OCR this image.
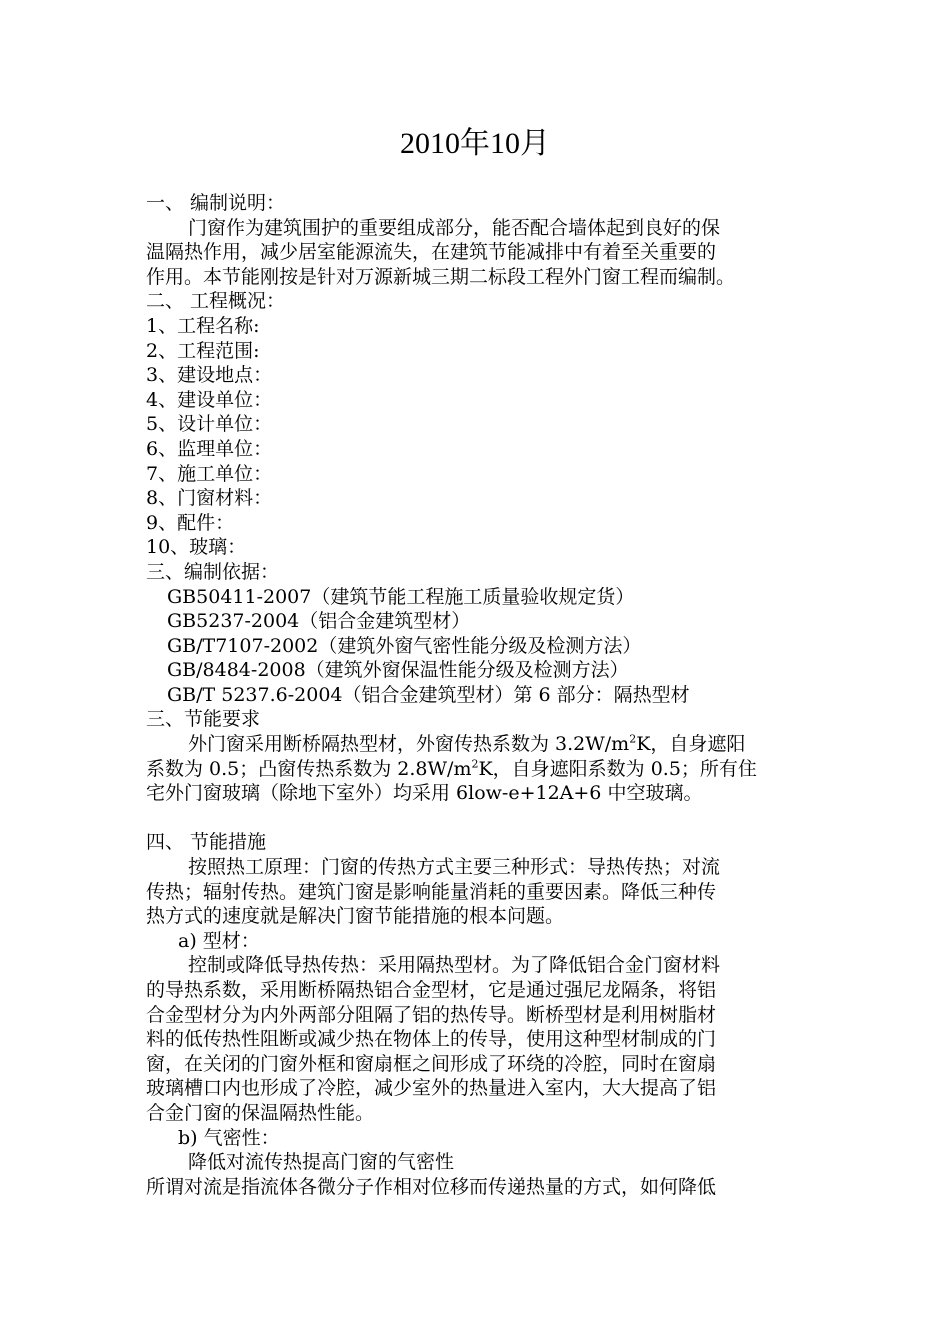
2010年10月
一、 编制说明：
门窗作为建筑围护的重要组成部分，能否配合墙体起到良好的保
温隔热作用，减少居室能源流失，在建筑节能减排中有着至关重要的
作用。本节能刚按是针对万源新城三期二标段工程外门窗工程而编制。
二、 工程概况：
1、工程名称:
2、工程范围:
3、建设地点：
4、建设单位：
5、设计单位：
6、监理单位：
7、施工单位：
8、门窗材料：
9、配件：
10、玻璃：
三、编制依据：
GB50411-2007（建筑节能工程施工质量验收规定货）
GB5237-2004（铝合金建筑型材）
GB/T7107-2002（建筑外窗气密性能分级及检测方法）
GB/8484-2008（建筑外窗保温性能分级及检测方法）
GB/T 5237.6-2004（铝合金建筑型材）第 6 部分：隔热型材
三、节能要求
外门窗采用断桥隔热型材，外窗传热系数为 $3.2W/m^2K$，自身遮阳
系数为 0.5；凸窗传热系数为 $2.8W/m^2K$，自身遮阳系数为 0.5；所有住
宅外门窗玻璃（除地下室外）均采用 6low-e+12A+6 中空玻璃。
四、 节能措施
按照热工原理：门窗的传热方式主要三种形式：导热传热；对流
传热；辐射传热。建筑门窗是影响能量消耗的重要因素。降低三种传
热方式的速度就是解决门窗节能措施的根本问题。
a) 型材：
控制或降低导热传热：采用隔热型材。为了降低铝合金门窗材料
的导热系数，采用断桥隔热铝合金型材，它是通过强尼龙隔条，将铝
合金型材分为内外两部分阻隔了铝的热传导。断桥型材是利用树脂材
料的低传热性阻断或减少热在物体上的传导，使用这种型材制成的门
窗，在关闭的门窗外框和窗扇框之间形成了环绕的冷腔，同时在窗扇
玻璃槽口内也形成了冷腔，减少室外的热量进入室内，大大提高了铝
合金门窗的保温隔热性能。
b) 气密性：
降低对流传热提高门窗的气密性
所谓对流是指流体各微分子作相对位移而传递热量的方式，如何降低
